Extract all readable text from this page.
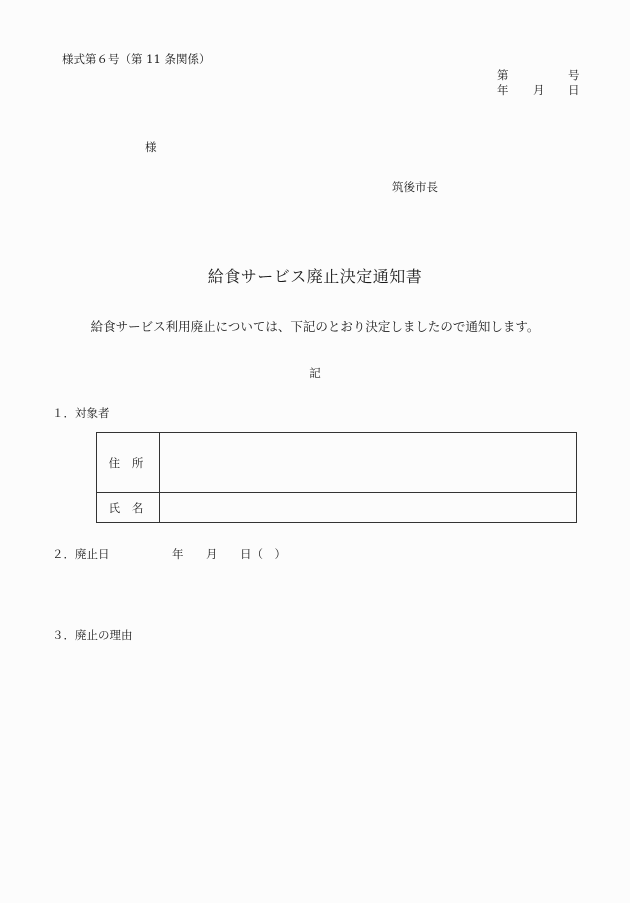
様式第６号（第 11 条関係）
第	号
年 月 日
様
筑後市長
給食サービス廃止決定通知書
給食サービス利用廃止については、下記のとおり決定しましたので通知します。
記
１．対象者
住 所
氏 名
２．廃止日	年 月 日（　）
３．廃止の理由
